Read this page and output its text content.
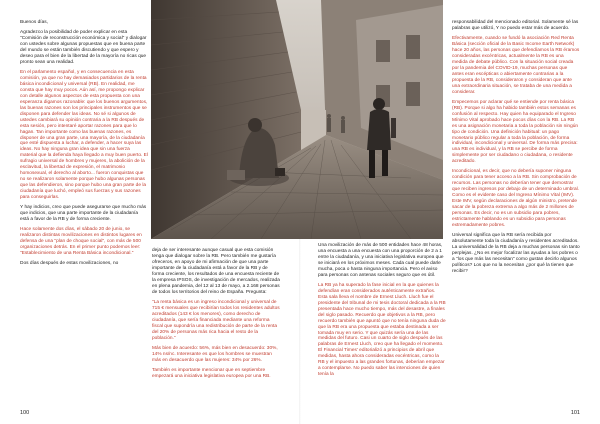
Buenos días,

Agradezco la posibilidad de poder explicar en esta "Comisión de reconstrucción económica y social" y dialogar con ustedes sobre algunas propuestas que en buena parte del mundo se están también discutiendo y que espero y deseo para el bien de la libertad de la mayoría no ricas que pronto sean una realidad.

En el parlamento español, y en consecuencia en esta comisión, ya que no hay demasiados partidarios de la renta básica incondicional y universal (RB). En realidad, me consta que hay muy pocos. Aún así, me propongo explicar con detalle algunos aspectos de esta propuesta con una esperanza digamos razonable: que los buenos argumentos, las buenas razones son los principales instrumentos que se disponen para defender las ideas. No sé si algunos de ustedes cambiará su opinión contraria a la RB después de esta sesión, pero intentaré aportar razones para que lo hagan. Tan importante como las buenas razones, es disponer de una gran parte, una mayoría, de la ciudadanía que esté dispuesta a luchar, a defender, a hacer suya las ideas. No hay ninguna gran idea que sin una fuerza material que la defienda haya llegado a muy buen puerto. El sufragio universal de hombres y mujeres, la abolición de la esclavitud, la libertad de expresión, el matrimonio homosexual, el derecho al aborto... fueron conquistas que no se realizaron solamente porque hubo algunas personas que las defendieron, sino porque hubo una gran parte de la ciudadanía que luchó, empleó sus fuerzas y sus razones para conseguirlas.

Y hay indicios, creo que puede asegurarse que mucho más que indicios, que una parte importante de la ciudadanía está a favor de la RB y de forma creciente.

Hace solamente dos días, el sábado 20 de junio, se realizaron distintas movilizaciones en distintos lugares en defensa de una "plan de choque social", con más de 500 organizaciones detrás. En el primer punto podemos leer: "Establecimiento de una Renta Básica incondicional."

Dos días después de estas movilizaciones, no

deja de ser interesante aunque casual que esta comisión tenga que dialogar sobre la RB. Pero también me gustaría ofreceros, en apoyo de mi afirmación de que una parte importante de la ciudadanía está a favor de la RB y de forma creciente, los resultados de una encuesta reciente de la empresa IPSOS, de investigación de mercados, realizada en plena pandemia, del 12 al 13 de mayo, a 2.168 personas de todos los territorios del reino de España. Pregunta:

"La renta básica es un ingreso incondicional y universal de 715 € mensuales que recibirían todos los residentes adultos acreditados (143 € los menores), como derecho de ciudadanía, que sería financiada mediante una reforma fiscal que supondría una redistribución de parte de la renta del 20% de personas más rica hacia el resto de la población."

Más bien de acuerdo: 56%, más bien en desacuerdo: 30%, 14% ns/nc. Interesante es que los hombres se muestran más en desacuerdo que las mujeres: 34% por 26%.

También es importante mencionar que en septiembre empezará una iniciativa legislativa europea por una RB.

Una movilización de más de 500 entidades hace 48 horas, una encuesta a una encuesta con una proporción de 2 a 1 entre la ciudadanía, y una iniciativa legislativa europea que se iniciará en los próximos meses. Cada cual puede darle mucha, poca o hasta ninguna importancia. Pero el aviso para personas con antenas sociales seguro que es útil.

La RB ya ha superado la fase inicial en la que quienes la defendían eran considerados auténticamente extraños. Esta sala lleva el nombre de Ernest Lluch. Lluch fue el presidente del tribunal de mi tesis doctoral dedicada a la RB presentada hace mucho tiempo, más del desastre, a finales del siglo pasado. Recuerdo que objetivos a la RB, pero recuerdo también que apuntó que no tenía ninguna duda de que la RB era una propuesta que estaba destinada a ser tomada muy en serio. Y que quizás sería una de las medidas del futuro. Casi un cuarto de siglo después de las palabras de Ernest Lluch, creo que ha llegado el momento. El Financial Times' editorializó a principios de abril que medidas, hasta ahora consideradas excéntricas, como la RB y el impuesto a las grandes fortunas, deberían empezar a contemplarse. No puedo saber las intenciones de quien tenía la

responsabilidad del mencionado editorial. Solamente sé las palabras que utilizó, Y no puedo estar más de acuerdo.

Efectivamente, cuando se fundó la asociación Red Renta Básica (sección oficial de la Basic Income Earth Network) hace 20 años, las personas que defendíamos la RB éramos consideradas excéntricas, actualmente la RB es una medida de debate público. Con la situación social creada por la pandemia del COVID-19, muchas personas que antes eran escépticas o abiertamente contrarias a la propuesta de la RB, consideraron y consideran que ante una extraordinaria situación, se trataba de una medida a considerar.

Empecemos por aclarar qué se entiende por renta básica (RB). Porque si algo ha habido también estos semanas es confusión al respecto. Hay quien ha equiparado el Ingreso Mínimo Vital aprobado hace pocos días con la RB. La RB es una asignación monetaria a toda la población sin ningún tipo de condición. Una definición habitual: un pago monetario público regular a toda la población, de forma individual, incondicional y universal. De forma más precisa: una RB es individual, y la RB se percibe de forma simplemente por ser ciudadano o ciudadana, o residente acreditado.

Incondicional, es decir, que no debería suponer ninguna condición para tener acceso a la RB. Sin comprobación de recursos. Las personas no deberían tener que demostrar que reciben ingresos por debajo de un determinado umbral. Como es el evidente caso del Ingreso Mínimo Vital (IMV). Este IMV, según declaraciones de algún ministro, pretende sacar de la pobreza extrema a algo más de 2 millones de personas. Es decir, no es un subsidio para pobres, estrictamente hablando es un subsidio para personas extremadamente pobres.

Universal significa que la RB sería recibida por absolutamente toda la ciudadanía y residentes acreditados. La universalidad de la RB deja a muchas personas sin tanto perplejas. ¿No es mejor focalizar las ayudas a los pobres o a "los que más las necesitan" como gustan decirlo algunos políticos? Los que no la necesitan ¿por qué la tienen que recibir?

100	101
